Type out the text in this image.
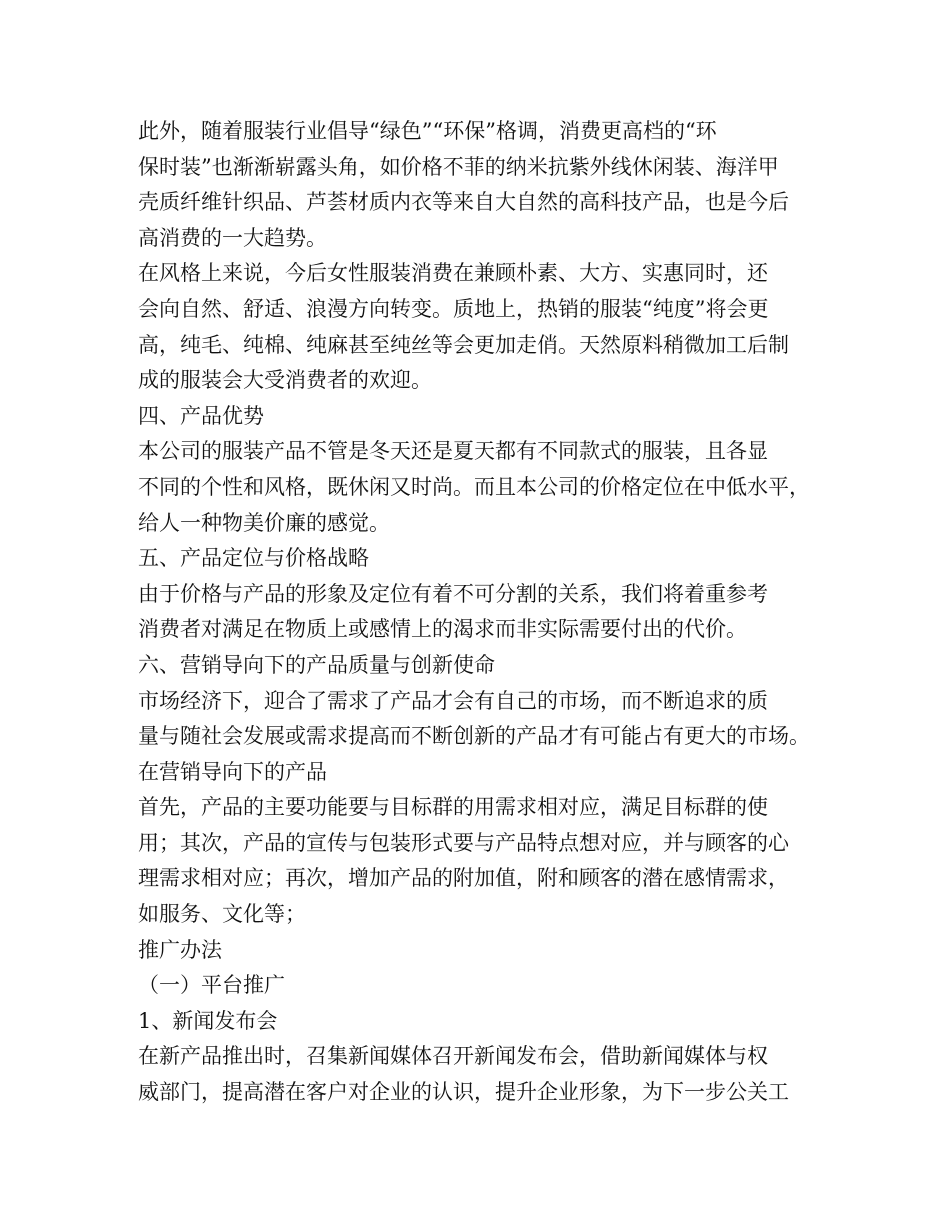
此外，随着服装行业倡导“绿色”“环保”格调，消费更高档的“环
保时装”也渐渐崭露头角，如价格不菲的纳米抗紫外线休闲装、海洋甲
壳质纤维针织品、芦荟材质内衣等来自大自然的高科技产品，也是今后
高消费的一大趋势。
在风格上来说，今后女性服装消费在兼顾朴素、大方、实惠同时，还
会向自然、舒适、浪漫方向转变。质地上，热销的服装“纯度”将会更
高，纯毛、纯棉、纯麻甚至纯丝等会更加走俏。天然原料稍微加工后制
成的服装会大受消费者的欢迎。
四、产品优势
本公司的服装产品不管是冬天还是夏天都有不同款式的服装，且各显
不同的个性和风格，既休闲又时尚。而且本公司的价格定位在中低水平，
给人一种物美价廉的感觉。
五、产品定位与价格战略
由于价格与产品的形象及定位有着不可分割的关系，我们将着重参考
消费者对满足在物质上或感情上的渴求而非实际需要付出的代价。
六、营销导向下的产品质量与创新使命
市场经济下，迎合了需求了产品才会有自己的市场，而不断追求的质
量与随社会发展或需求提高而不断创新的产品才有可能占有更大的市场。
在营销导向下的产品
首先，产品的主要功能要与目标群的用需求相对应，满足目标群的使
用；其次，产品的宣传与包装形式要与产品特点想对应，并与顾客的心
理需求相对应；再次，增加产品的附加值，附和顾客的潜在感情需求，
如服务、文化等；
推广办法
（一）平台推广
1、新闻发布会
在新产品推出时，召集新闻媒体召开新闻发布会，借助新闻媒体与权
威部门，提高潜在客户对企业的认识，提升企业形象，为下一步公关工
